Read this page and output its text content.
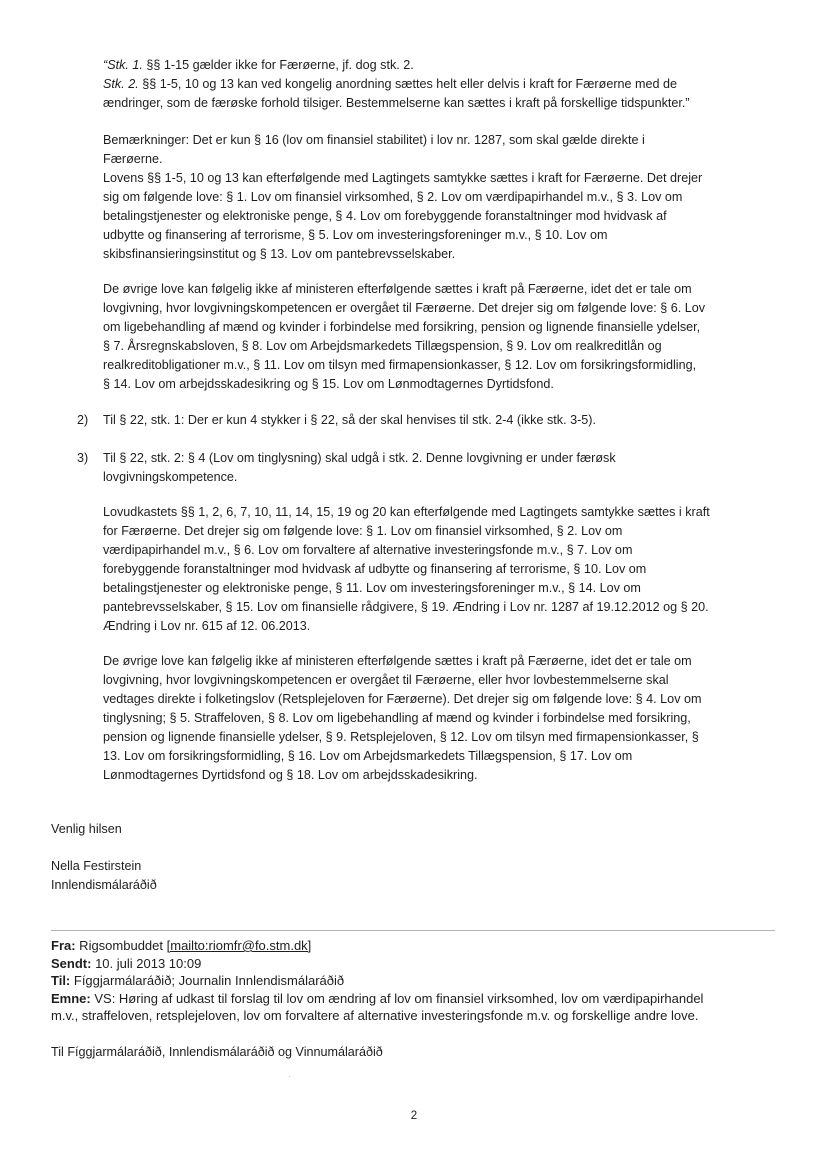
“Stk. 1. §§ 1-15 gælder ikke for Færøerne, jf. dog stk. 2.
Stk. 2. §§ 1-5, 10 og 13 kan ved kongelig anordning sættes helt eller delvis i kraft for Færøerne med de
ændringer, som de færøske forhold tilsiger. Bestemmelserne kan sættes i kraft på forskellige tidspunkter.”
Bemærkninger: Det er kun § 16 (lov om finansiel stabilitet) i lov nr. 1287, som skal gælde direkte i
Færøerne.
Lovens §§ 1-5, 10 og 13 kan efterfølgende med Lagtingets samtykke sættes i kraft for Færøerne. Det drejer
sig om følgende love: § 1. Lov om finansiel virksomhed, § 2. Lov om værdipapirhandel m.v., § 3. Lov om
betalingstjenester og elektroniske penge, § 4. Lov om forebyggende foranstaltninger mod hvidvask af
udbytte og finansering af terrorisme, § 5. Lov om investeringsforeninger m.v., § 10. Lov om
skibsfinansieringsinstitut og § 13. Lov om pantebrevsselskaber.
De øvrige love kan følgelig ikke af ministeren efterfølgende sættes i kraft på Færøerne, idet det er tale om
lovgivning, hvor lovgivningskompetencen er overgået til Færøerne. Det drejer sig om følgende love: § 6. Lov
om ligebehandling af mænd og kvinder i forbindelse med forsikring, pension og lignende finansielle ydelser,
§ 7. Årsregnskabsloven, § 8. Lov om Arbejdsmarkedets Tillægspension, § 9. Lov om realkreditlån og
realkreditobligationer m.v., § 11. Lov om tilsyn med firmapensionkasser, § 12. Lov om forsikringsformidling,
§ 14. Lov om arbejdsskadesikring og § 15. Lov om Lønmodtagernes Dyrtidsfond.
2) Til § 22, stk. 1: Der er kun 4 stykker i § 22, så der skal henvises til stk. 2-4 (ikke stk. 3-5).
3) Til § 22, stk. 2: § 4 (Lov om tinglysning) skal udgå i stk. 2. Denne lovgivning er under færøsk
lovgivningskompetence.
Lovudkastets §§ 1, 2, 6, 7, 10, 11, 14, 15, 19 og 20 kan efterfølgende med Lagtingets samtykke sættes i kraft
for Færøerne. Det drejer sig om følgende love: § 1. Lov om finansiel virksomhed, § 2. Lov om
værdipapirhandel m.v., § 6. Lov om forvaltere af alternative investeringsfonde m.v., § 7. Lov om
forebyggende foranstaltninger mod hvidvask af udbytte og finansering af terrorisme, § 10. Lov om
betalingstjenester og elektroniske penge, § 11. Lov om investeringsforeninger m.v., § 14. Lov om
pantebrevsselskaber, § 15. Lov om finansielle rådgivere, § 19. Ændring i Lov nr. 1287 af 19.12.2012 og § 20.
Ændring i Lov nr. 615 af 12. 06.2013.
De øvrige love kan følgelig ikke af ministeren efterfølgende sættes i kraft på Færøerne, idet det er tale om
lovgivning, hvor lovgivningskompetencen er overgået til Færøerne, eller hvor lovbestemmelserne skal
vedtages direkte i folketingslov (Retsplejeloven for Færøerne). Det drejer sig om følgende love: § 4. Lov om
tinglysning; § 5. Straffeloven, § 8. Lov om ligebehandling af mænd og kvinder i forbindelse med forsikring,
pension og lignende finansielle ydelser, § 9. Retsplejeloven, § 12. Lov om tilsyn med firmapensionkasser, §
13. Lov om forsikringsformidling, § 16. Lov om Arbejdsmarkedets Tillægspension, § 17. Lov om
Lønmodtagernes Dyrtidsfond og § 18. Lov om arbejdsskadesikring.
Venlig hilsen
Nella Festirstein
Innlendismálaráðið
Fra: Rigsombuddet [mailto:riomfr@fo.stm.dk]
Sendt: 10. juli 2013 10:09
Til: Fíggjarmálaráðið; Journalin Innlendismálaráðið
Emne: VS: Høring af udkast til forslag til lov om ændring af lov om finansiel virksomhed, lov om værdipapirhandel
m.v., straffeloven, retsplejeloven, lov om forvaltere af alternative investeringsfonde m.v. og forskellige andre love.
Til Fíggjarmálaráðið, Innlendismálaráðið og Vinnumálaráðið
2
